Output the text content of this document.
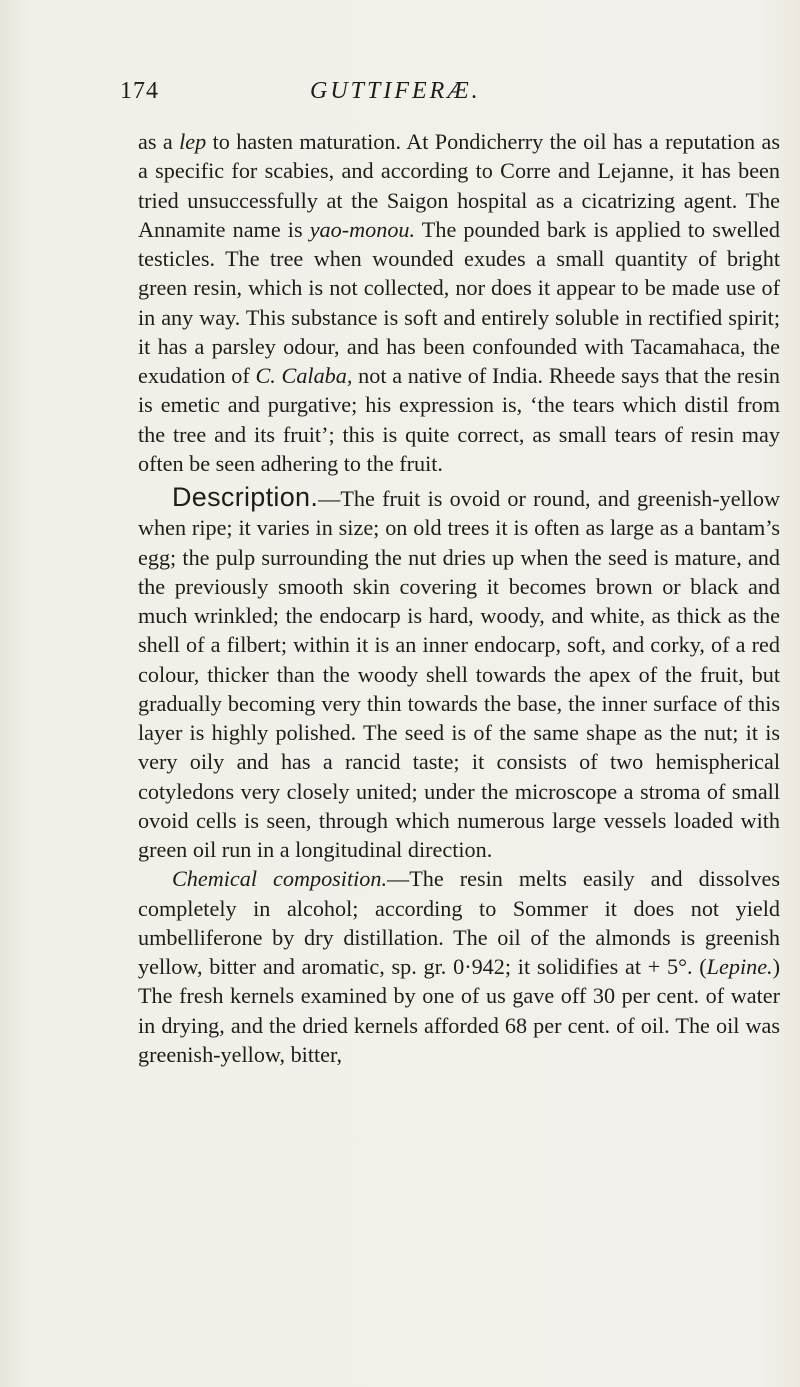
174	GUTTIFERÆ.

as a lep to hasten maturation. At Pondicherry the oil has a reputation as a specific for scabies, and according to Corre and Lejanne, it has been tried unsuccessfully at the Saigon hospital as a cicatrizing agent. The Annamite name is yao-monou. The pounded bark is applied to swelled testicles. The tree when wounded exudes a small quantity of bright green resin, which is not collected, nor does it appear to be made use of in any way. This substance is soft and entirely soluble in rectified spirit; it has a parsley odour, and has been confounded with Tacamahaca, the exudation of C. Calaba, not a native of India. Rheede says that the resin is emetic and purgative; his expression is, ‘the tears which distil from the tree and its fruit’; this is quite correct, as small tears of resin may often be seen adhering to the fruit.

Description.—The fruit is ovoid or round, and greenish-yellow when ripe; it varies in size; on old trees it is often as large as a bantam’s egg; the pulp surrounding the nut dries up when the seed is mature, and the previously smooth skin covering it becomes brown or black and much wrinkled; the endocarp is hard, woody, and white, as thick as the shell of a filbert; within it is an inner endocarp, soft, and corky, of a red colour, thicker than the woody shell towards the apex of the fruit, but gradually becoming very thin towards the base, the inner surface of this layer is highly polished. The seed is of the same shape as the nut; it is very oily and has a rancid taste; it consists of two hemispherical cotyledons very closely united; under the microscope a stroma of small ovoid cells is seen, through which numerous large vessels loaded with green oil run in a longitudinal direction.

Chemical composition.—The resin melts easily and dissolves completely in alcohol; according to Sommer it does not yield umbelliferone by dry distillation. The oil of the almonds is greenish yellow, bitter and aromatic, sp. gr. 0·942; it solidifies at + 5°. (Lepine.) The fresh kernels examined by one of us gave off 30 per cent. of water in drying, and the dried kernels afforded 68 per cent. of oil. The oil was greenish-yellow, bitter,
